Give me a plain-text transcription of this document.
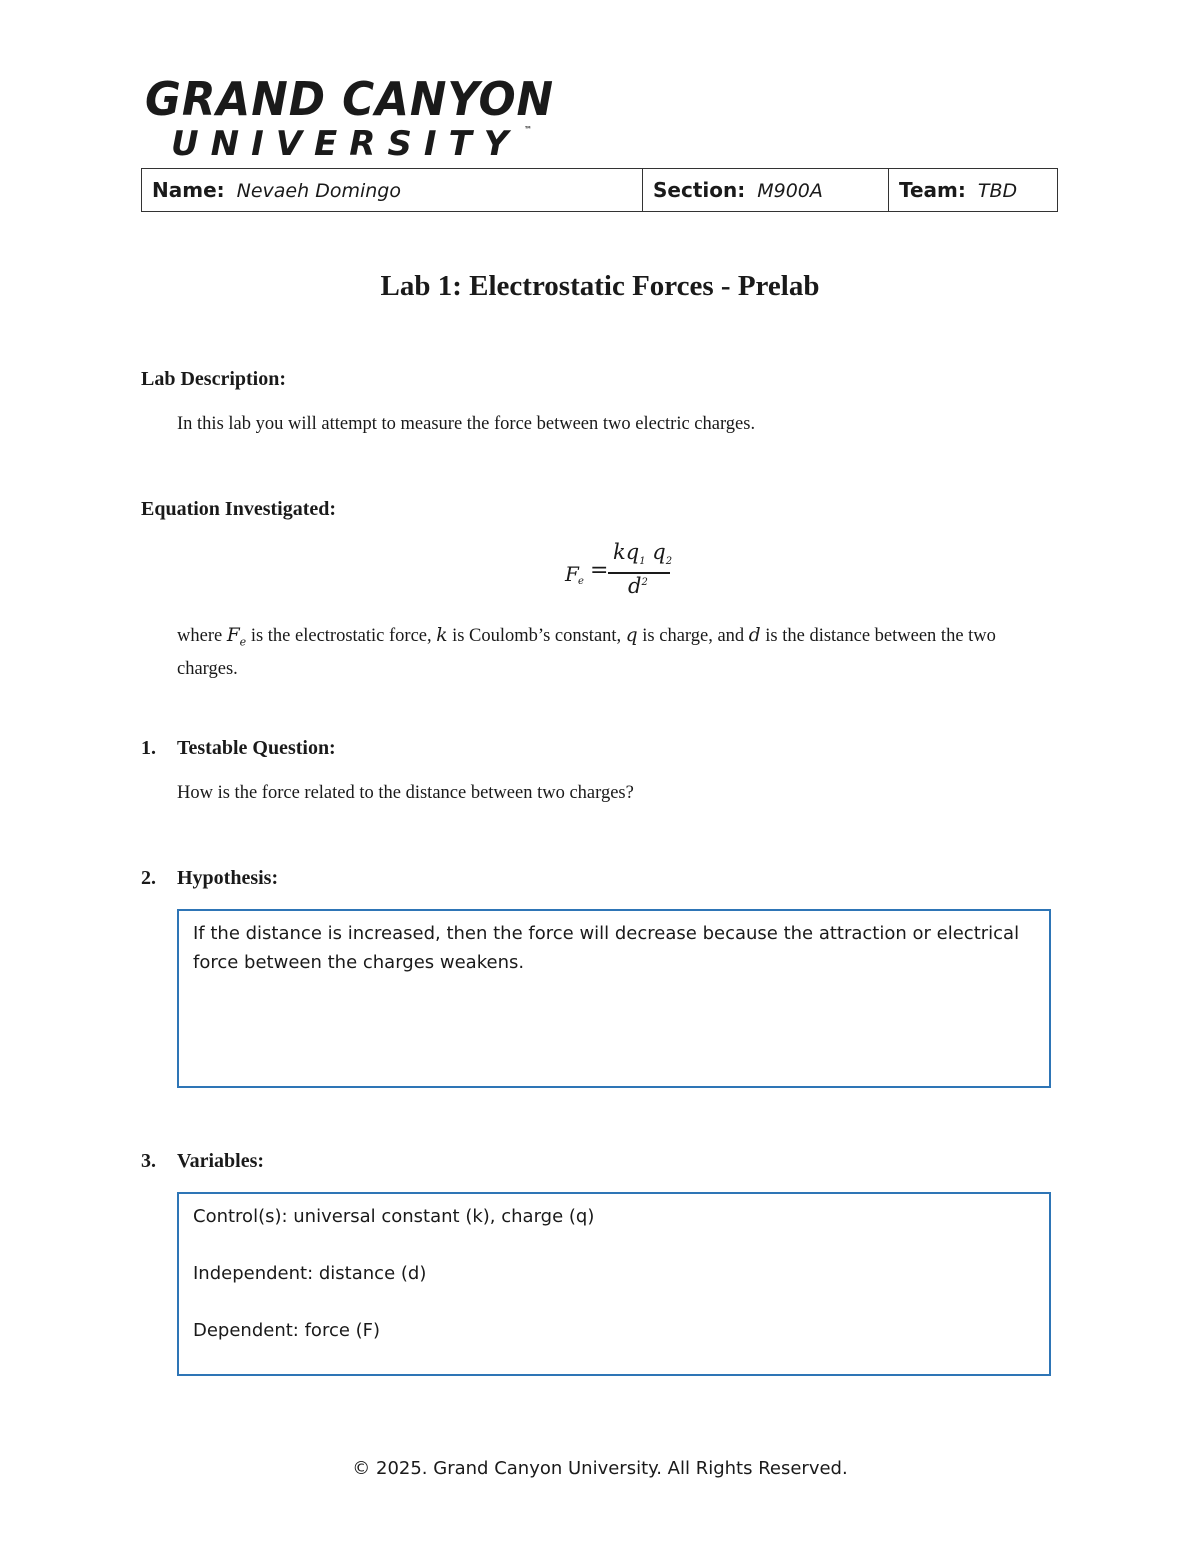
GRAND CANYON
UNIVERSITY ™
Name: Nevaeh Domingo	Section: M900A	Team: TBD
Lab 1: Electrostatic Forces - Prelab
Lab Description:
In this lab you will attempt to measure the force between two electric charges.
Equation Investigated:
F e =
$kq_1$ $q_2$
$d^2$
where $F_e$ is the electrostatic force, k is Coulomb’s constant, q is charge, and d is the distance between the two charges.
1. Testable Question:
How is the force related to the distance between two charges?
2. Hypothesis:
If the distance is increased, then the force will decrease because the attraction or electrical force between the charges weakens.
3. Variables:
Control(s): universal constant (k), charge (q)
Independent: distance (d)
Dependent: force (F)
© 2025. Grand Canyon University. All Rights Reserved.
